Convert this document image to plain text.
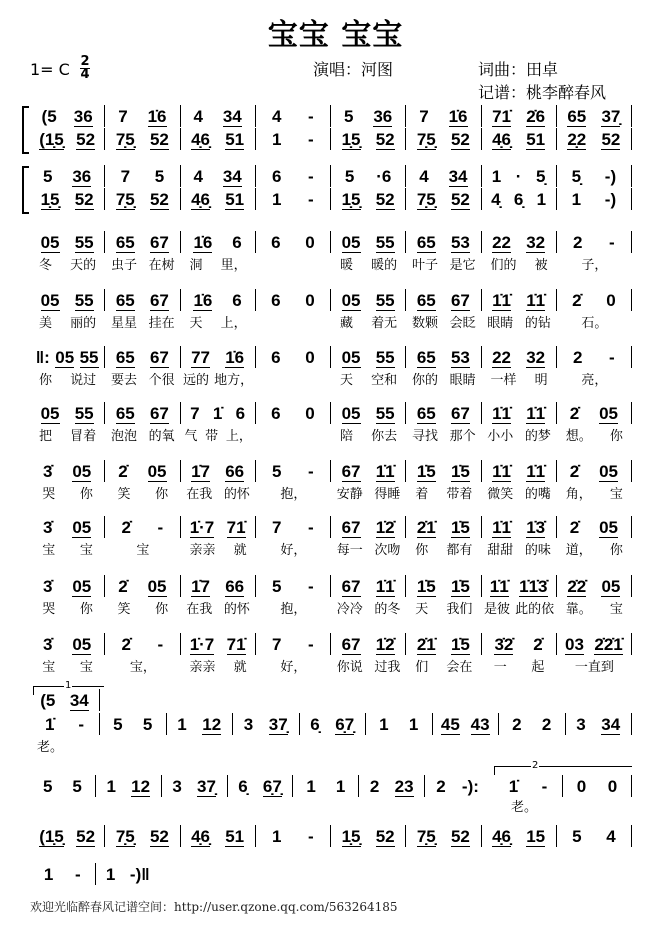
宝宝 宝宝
1= C 2
4	演唱：河图	词曲：田卓
记谱：桃李醉春风
(5 36 7 1̇6 4 34 4 - 5 36 7 1̇6 71̇ 2̇6 65 37̣
(1̣5̣ 52 7̣5̣ 52 4̣6̣ 51 1 - 1̣5̣ 52 7̣5̣ 52 4̣6̣ 51 2̣2 52
5 36 7 5 4 34 6 - 5 ·6 4 34 1 · 5̣ 5̣ -)
1̣5̣ 52 7̣5̣ 52 4̣6̣ 51 1 - 1̣5̣ 52 7̣5̣ 52 4̣ 6̣ 1 1 -)
05 55 65 67 1̇6 6 6 0 05 55 65 53 22 32 2 -
冬 天的 虫子 在树 洞 里，	暖 暖的 叶子 是它 们的 被	子，
05 55 65 67 1̇6 6 6 0 05 55 65 67 1̇1̇ 1̇1̇ 2̇ 0
美 丽的 星星 挂在 天 上，	藏 着无 数颗 会眨 眼睛 的钻 石。
‖: 05 55 65 67 77 1̇6 6 0 05 55 65 53 22 32 2 -
你 说过 要去 个很 远的 地方，	天 空和 你的 眼睛 一样 明	亮，
05 55 65 67 7 1̇ 6 6 0 05 55 65 67 1̇1̇ 1̇1̇ 2̇ 05
把 冒着 泡泡 的氧 气 带 上，	陪 你去 寻找 那个 小小 的梦 想。 你
3̇ 05 2̇ 05 1̇7 66 5 - 67 1̇1̇ 1̇5 1̇5 1̇1̇ 1̇1̇ 2̇ 05
哭 你 笑 你 在我 的怀 抱， 安静 得睡 着 带着 微笑 的嘴 角， 宝
3̇ 05 2̇ - 1̇·7 71̇ 7 - 67 1̇2̇ 2̇1̇ 1̇5 1̇1̇ 1̇3̇ 2̇ 05
宝 宝	宝	亲亲 就	好， 每一 次吻 你 都有 甜甜 的味 道， 你
3̇ 05 2̇ 05 1̇7 66 5 - 67 1̇1̇ 1̇5 1̇5 1̇1̇ 1̇1̇3̇ 2̇2̇ 05
哭 你 笑 你 在我 的怀 抱， 冷冷 的冬 天 我们 是彼 此的依 靠。 宝
3̇ 05 2̇ - 1̇·7 71̇ 7 - 67 1̇2̇ 2̇1̇ 1̇5 3̇2̇ 2̇ 03 2̇2̇1̇
宝 宝	宝，	亲亲 就	好， 你说 过我 们 会在 一 起 一直到
(5 34
1̇ -
老。
5 5 1 12 3 37̣ 6̣ 6̣7̣ 1 1 45 43 2 2 3 34
5 5 1 12 3 37̣ 6̣ 6̣7̣ 1 1 2 23 2 -): 1̇ - 0 0
老。
(1̣5̣ 52 7̣5̣ 52 4̣6̣ 51 1 - 1̣5̣ 52 7̣5̣ 52 4̣6̣ 15 5 4
1 - 1 -)‖
1
2
欢迎光临醉春风记谱空间：http://user.qzone.qq.com/563264185
